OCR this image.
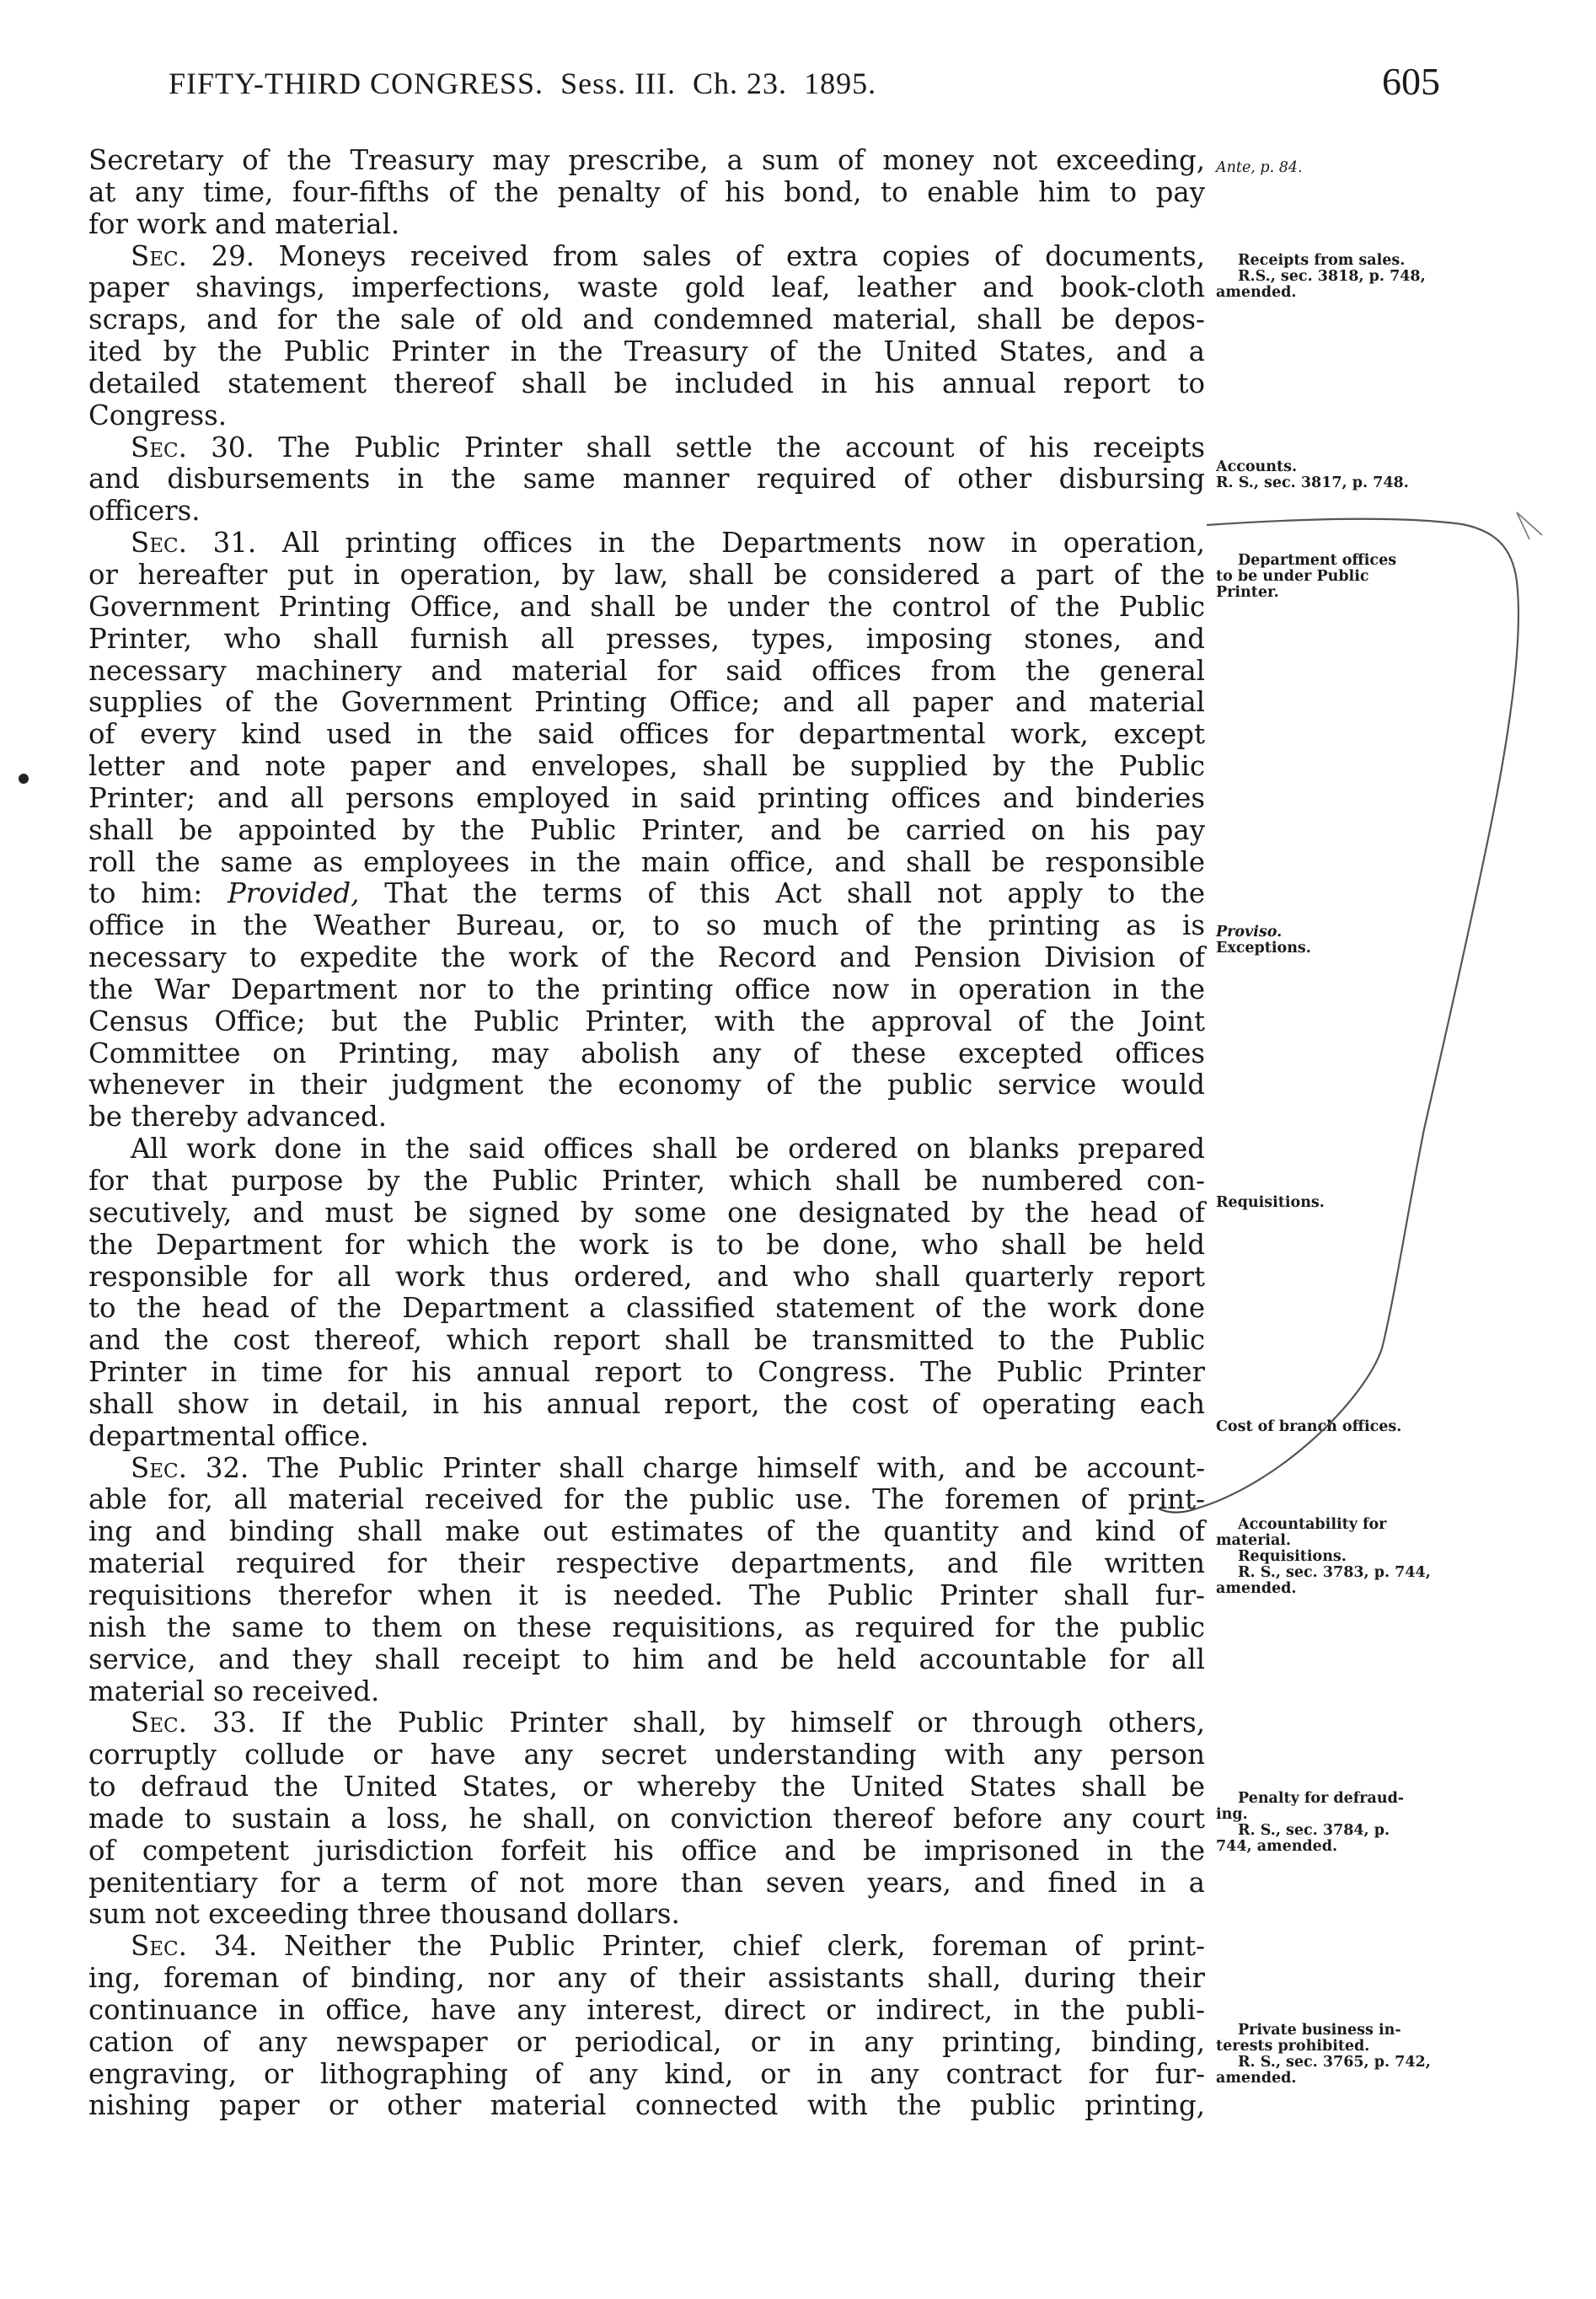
FIFTY-THIRD CONGRESS. Sess. III. Ch. 23. 1895.	605
Secretary of the Treasury may prescribe, a sum of money not exceeding,
at any time, four-fifths of the penalty of his bond, to enable him to pay
for work and material.
Sec. 29. Moneys received from sales of extra copies of documents,
paper shavings, imperfections, waste gold leaf, leather and book-cloth
scraps, and for the sale of old and condemned material, shall be depos-
ited by the Public Printer in the Treasury of the United States, and a
detailed statement thereof shall be included in his annual report to
Congress.
Sec. 30. The Public Printer shall settle the account of his receipts
and disbursements in the same manner required of other disbursing
officers.
Sec. 31. All printing offices in the Departments now in operation,
or hereafter put in operation, by law, shall be considered a part of the
Government Printing Office, and shall be under the control of the Public
Printer, who shall furnish all presses, types, imposing stones, and
necessary machinery and material for said offices from the general
supplies of the Government Printing Office; and all paper and material
of every kind used in the said offices for departmental work, except
letter and note paper and envelopes, shall be supplied by the Public
Printer; and all persons employed in said printing offices and binderies
shall be appointed by the Public Printer, and be carried on his pay
roll the same as employees in the main office, and shall be responsible
to him: Provided, That the terms of this Act shall not apply to the
office in the Weather Bureau, or, to so much of the printing as is
necessary to expedite the work of the Record and Pension Division of
the War Department nor to the printing office now in operation in the
Census Office; but the Public Printer, with the approval of the Joint
Committee on Printing, may abolish any of these excepted offices
whenever in their judgment the economy of the public service would
be thereby advanced.
All work done in the said offices shall be ordered on blanks prepared
for that purpose by the Public Printer, which shall be numbered con-
secutively, and must be signed by some one designated by the head of
the Department for which the work is to be done, who shall be held
responsible for all work thus ordered, and who shall quarterly report
to the head of the Department a classified statement of the work done
and the cost thereof, which report shall be transmitted to the Public
Printer in time for his annual report to Congress. The Public Printer
shall show in detail, in his annual report, the cost of operating each
departmental office.
Sec. 32. The Public Printer shall charge himself with, and be account-
able for, all material received for the public use. The foremen of print-
ing and binding shall make out estimates of the quantity and kind of
material required for their respective departments, and file written
requisitions therefor when it is needed. The Public Printer shall fur-
nish the same to them on these requisitions, as required for the public
service, and they shall receipt to him and be held accountable for all
material so received.
Sec. 33. If the Public Printer shall, by himself or through others,
corruptly collude or have any secret understanding with any person
to defraud the United States, or whereby the United States shall be
made to sustain a loss, he shall, on conviction thereof before any court
of competent jurisdiction forfeit his office and be imprisoned in the
penitentiary for a term of not more than seven years, and fined in a
sum not exceeding three thousand dollars.
Sec. 34. Neither the Public Printer, chief clerk, foreman of print-
ing, foreman of binding, nor any of their assistants shall, during their
continuance in office, have any interest, direct or indirect, in the publi-
cation of any newspaper or periodical, or in any printing, binding,
engraving, or lithographing of any kind, or in any contract for fur-
nishing paper or other material connected with the public printing,
Ante, p. 84.
Receipts from sales.
R.S., sec. 3818, p. 748,
amended.
Accounts.
R. S., sec. 3817, p. 748.
Department offices
to be under Public
Printer.
Proviso.
Exceptions.
Requisitions.
Cost of branch offices.
Accountability for
material.
Requisitions.
R. S., sec. 3783, p. 744,
amended.
Penalty for defraud-
ing.
R. S., sec. 3784, p.
744, amended.
Private business in-
terests prohibited.
R. S., sec. 3765, p. 742,
amended.
